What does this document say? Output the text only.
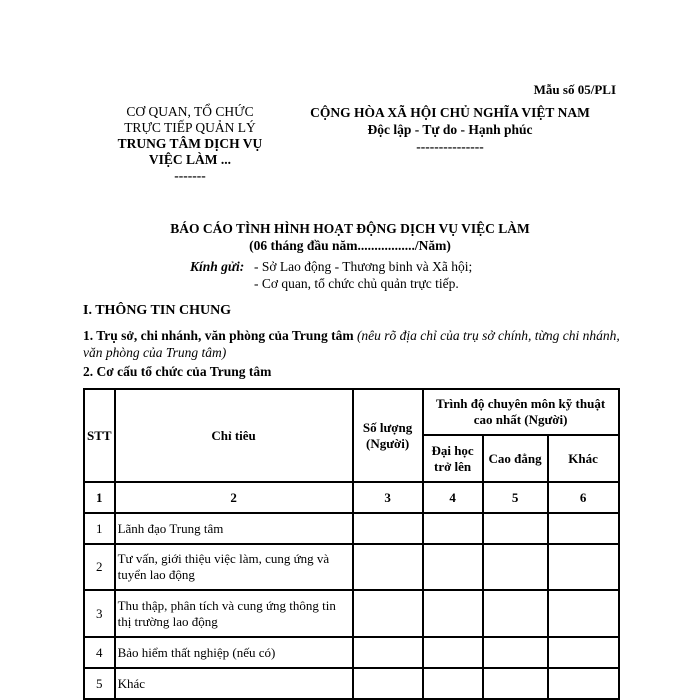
Mẫu số 05/PLI
CƠ QUAN, TỔ CHỨC
TRỰC TIẾP QUẢN LÝ
TRUNG TÂM DỊCH VỤ
VIỆC LÀM ...
-------
CỘNG HÒA XÃ HỘI CHỦ NGHĨA VIỆT NAM
Độc lập - Tự do - Hạnh phúc
---------------
BÁO CÁO TÌNH HÌNH HOẠT ĐỘNG DỊCH VỤ VIỆC LÀM
(06 tháng đầu năm................./Năm)
Kính gửi: - Sở Lao động - Thương binh và Xã hội;
- Cơ quan, tổ chức chủ quản trực tiếp.
I. THÔNG TIN CHUNG
1. Trụ sở, chi nhánh, văn phòng của Trung tâm (nêu rõ địa chỉ của trụ sở chính, từng chi nhánh, văn phòng của Trung tâm)
2. Cơ cấu tổ chức của Trung tâm
STT	Chỉ tiêu	Số lượng (Người)	Trình độ chuyên môn kỹ thuật cao nhất (Người)		
			Đại học trở lên	Cao đẳng	Khác
1	2	3	4	5	6
1	Lãnh đạo Trung tâm				
2	Tư vấn, giới thiệu việc làm, cung ứng và tuyển lao động				
3	Thu thập, phân tích và cung ứng thông tin thị trường lao động				
4	Bảo hiểm thất nghiệp (nếu có)				
5	Khác				
